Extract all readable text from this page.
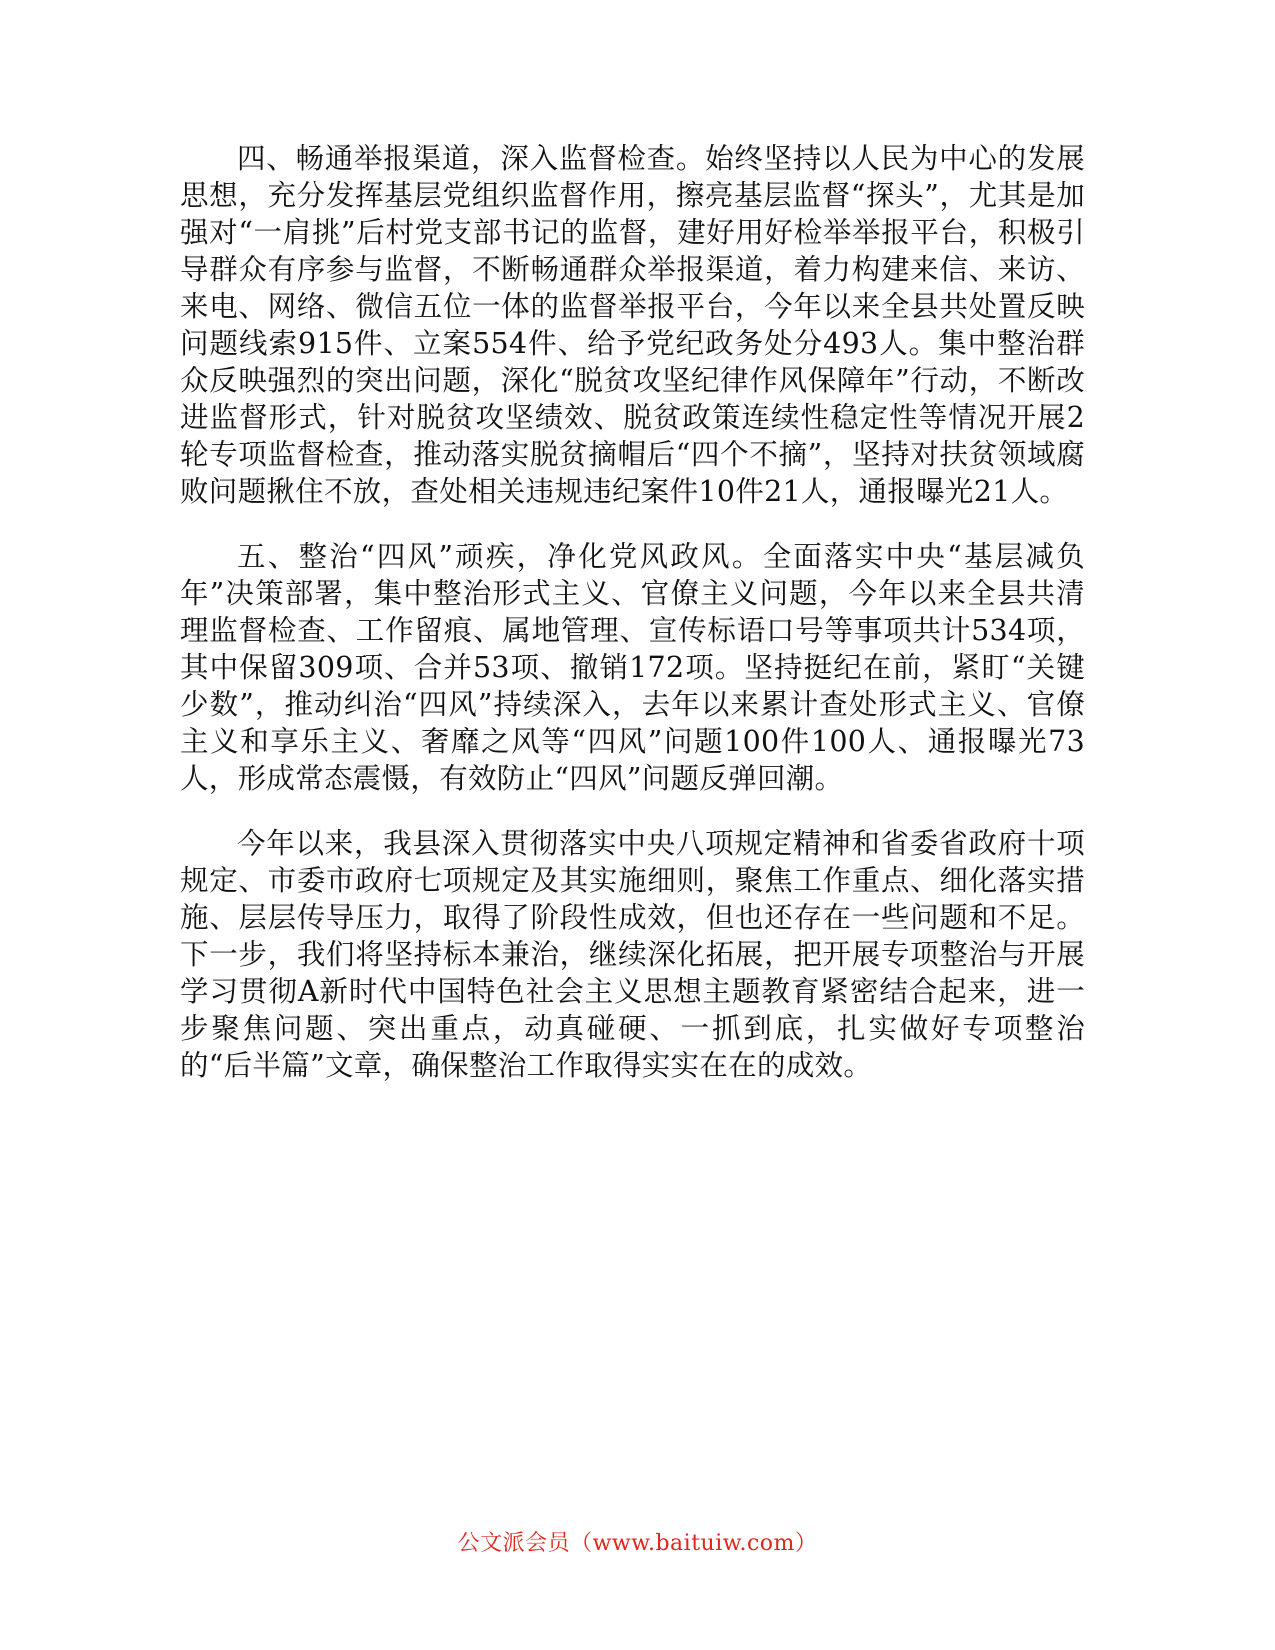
四、畅通举报渠道，深入监督检查。始终坚持以人民为中心的发展思想，充分发挥基层党组织监督作用，擦亮基层监督“探头”，尤其是加强对“一肩挑”后村党支部书记的监督，建好用好检举举报平台，积极引导群众有序参与监督，不断畅通群众举报渠道，着力构建来信、来访、来电、网络、微信五位一体的监督举报平台，今年以来全县共处置反映问题线索915件、立案554件、给予党纪政务处分493人。集中整治群众反映强烈的突出问题，深化“脱贫攻坚纪律作风保障年”行动，不断改进监督形式，针对脱贫攻坚绩效、脱贫政策连续性稳定性等情况开展2轮专项监督检查，推动落实脱贫摘帽后“四个不摘”，坚持对扶贫领域腐败问题揪住不放，查处相关违规违纪案件10件21人，通报曝光21人。

五、整治“四风”顽疾，净化党风政风。全面落实中央“基层减负年”决策部署，集中整治形式主义、官僚主义问题，今年以来全县共清理监督检查、工作留痕、属地管理、宣传标语口号等事项共计534项，其中保留309项、合并53项、撤销172项。坚持挺纪在前，紧盯“关键少数”，推动纠治“四风”持续深入，去年以来累计查处形式主义、官僚主义和享乐主义、奢靡之风等“四风”问题100件100人、通报曝光73人，形成常态震慑，有效防止“四风”问题反弹回潮。

今年以来，我县深入贯彻落实中央八项规定精神和省委省政府十项规定、市委市政府七项规定及其实施细则，聚焦工作重点、细化落实措施、层层传导压力，取得了阶段性成效，但也还存在一些问题和不足。下一步，我们将坚持标本兼治，继续深化拓展，把开展专项整治与开展学习贯彻A新时代中国特色社会主义思想主题教育紧密结合起来，进一步聚焦问题、突出重点，动真碰硬、一抓到底，扎实做好专项整治的“后半篇”文章，确保整治工作取得实实在在的成效。

公文派会员（www.baituiw.com）
